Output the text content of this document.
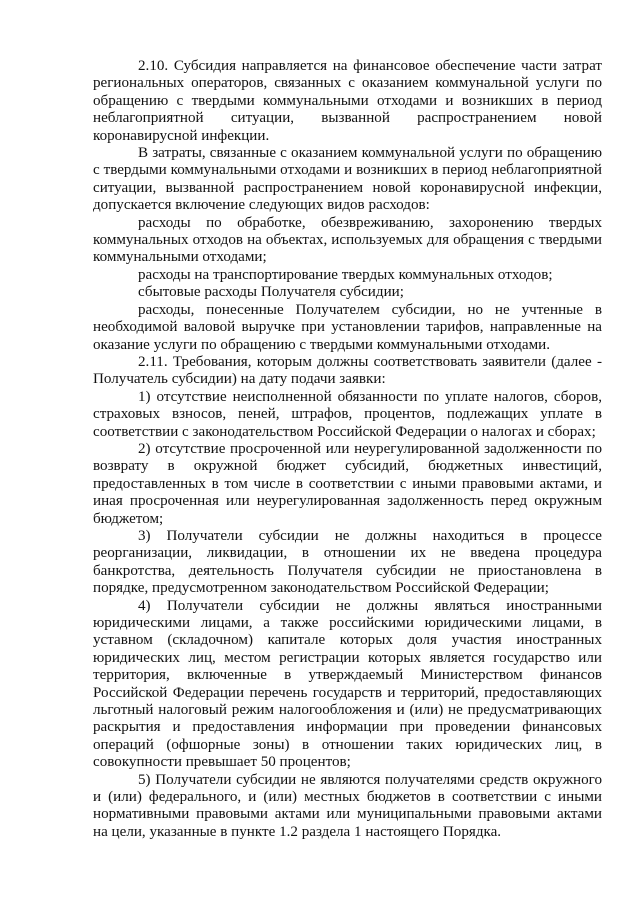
2.10. Субсидия направляется на финансовое обеспечение части затрат региональных операторов, связанных с оказанием коммунальной услуги по обращению с твердыми коммунальными отходами и возникших в период неблагоприятной ситуации, вызванной распространением новой коронавирусной инфекции.

В затраты, связанные с оказанием коммунальной услуги по обращению с твердыми коммунальными отходами и возникших в период неблагоприятной ситуации, вызванной распространением новой коронавирусной инфекции, допускается включение следующих видов расходов:

расходы по обработке, обезвреживанию, захоронению твердых коммунальных отходов на объектах, используемых для обращения с твердыми коммунальными отходами;

расходы на транспортирование твердых коммунальных отходов;

сбытовые расходы Получателя субсидии;

расходы, понесенные Получателем субсидии, но не учтенные в необходимой валовой выручке при установлении тарифов, направленные на оказание услуги по обращению с твердыми коммунальными отходами.

2.11. Требования, которым должны соответствовать заявители (далее - Получатель субсидии) на дату подачи заявки:

1) отсутствие неисполненной обязанности по уплате налогов, сборов, страховых взносов, пеней, штрафов, процентов, подлежащих уплате в соответствии с законодательством Российской Федерации о налогах и сборах;

2) отсутствие просроченной или неурегулированной задолженности по возврату в окружной бюджет субсидий, бюджетных инвестиций, предоставленных в том числе в соответствии с иными правовыми актами, и иная просроченная или неурегулированная задолженность перед окружным бюджетом;

3) Получатели субсидии не должны находиться в процессе реорганизации, ликвидации, в отношении их не введена процедура банкротства, деятельность Получателя субсидии не приостановлена в порядке, предусмотренном законодательством Российской Федерации;

4) Получатели субсидии не должны являться иностранными юридическими лицами, а также российскими юридическими лицами, в уставном (складочном) капитале которых доля участия иностранных юридических лиц, местом регистрации которых является государство или территория, включенные в утверждаемый Министерством финансов Российской Федерации перечень государств и территорий, предоставляющих льготный налоговый режим налогообложения и (или) не предусматривающих раскрытия и предоставления информации при проведении финансовых операций (офшорные зоны) в отношении таких юридических лиц, в совокупности превышает 50 процентов;

5) Получатели субсидии не являются получателями средств окружного и (или) федерального, и (или) местных бюджетов в соответствии с иными нормативными правовыми актами или муниципальными правовыми актами на цели, указанные в пункте 1.2 раздела 1 настоящего Порядка.
